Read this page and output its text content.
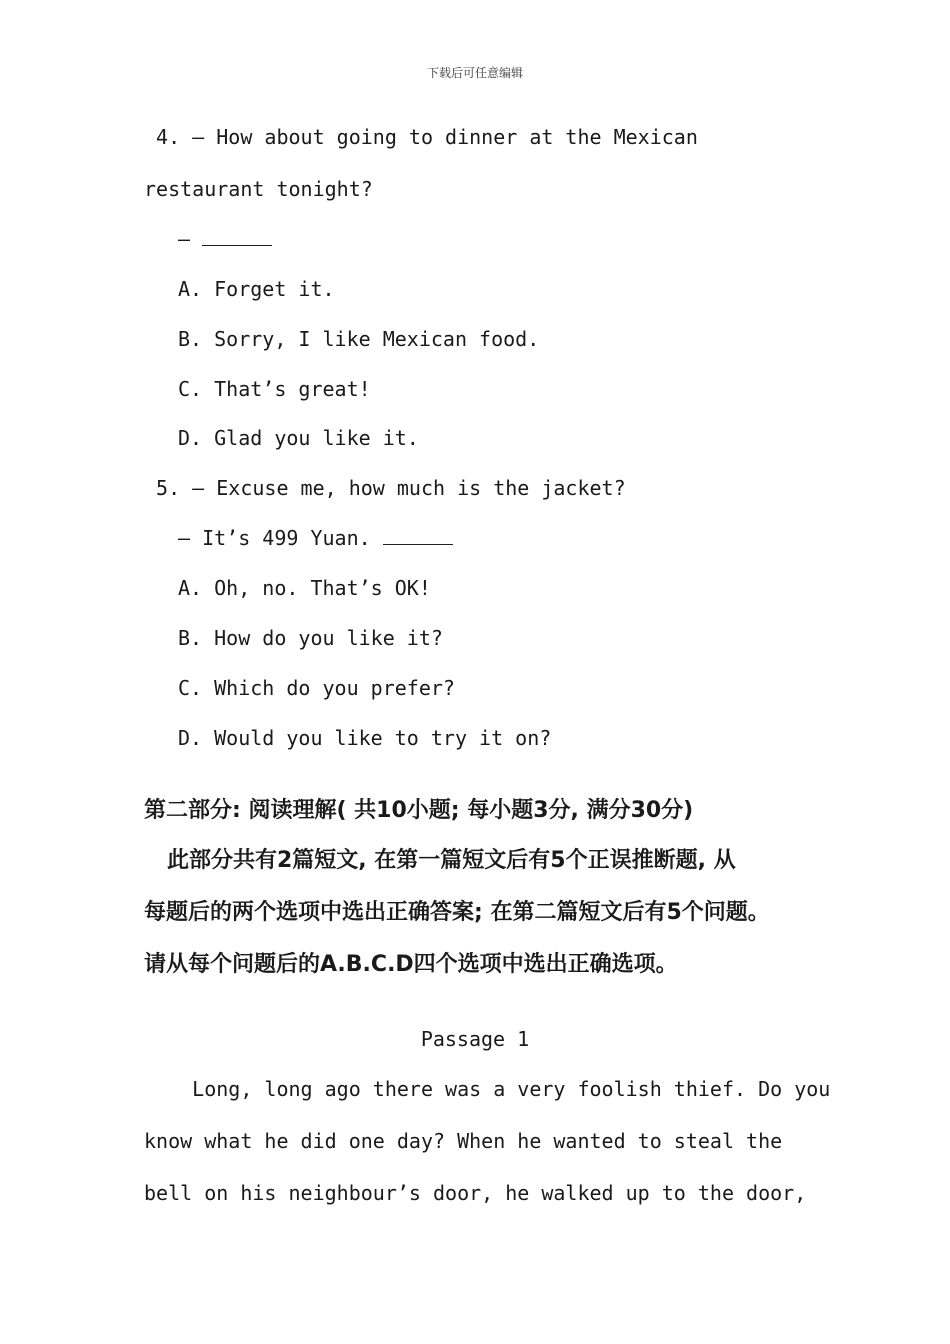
下载后可任意编辑
4. — How about going to dinner at the Mexican
restaurant tonight?
—
A. Forget it.
B. Sorry, I like Mexican food.
C. That’s great!
D. Glad you like it.
5. — Excuse me, how much is the jacket?
— It’s 499 Yuan.
A. Oh, no. That’s OK!
B. How do you like it?
C. Which do you prefer?
D. Would you like to try it on?
第二部分: 阅读理解( 共10小题; 每小题3分, 满分30分)
此部分共有2篇短文, 在第一篇短文后有5个正误推断题, 从
每题后的两个选项中选出正确答案; 在第二篇短文后有5个问题。
请从每个问题后的A.B.C.D四个选项中选出正确选项。
Passage 1
Long, long ago there was a very foolish thief. Do you
know what he did one day? When he wanted to steal the
bell on his neighbour’s door, he walked up to the door,
